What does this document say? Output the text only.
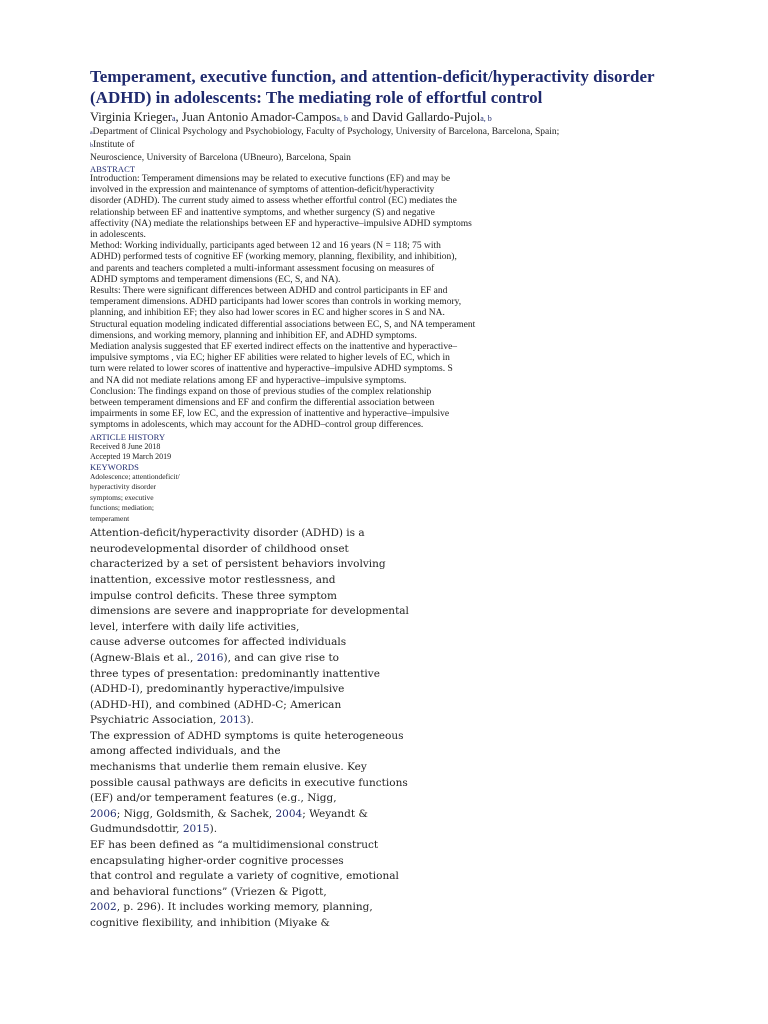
Temperament, executive function, and attention-deficit/hyperactivity disorder
(ADHD) in adolescents: The mediating role of effortful control
Virginia Kriegera, Juan Antonio Amador-Camposa, b and David Gallardo-Pujola, b
aDepartment of Clinical Psychology and Psychobiology, Faculty of Psychology, University of Barcelona, Barcelona, Spain;
bInstitute of
Neuroscience, University of Barcelona (UBneuro), Barcelona, Spain
ABSTRACT
Introduction: Temperament dimensions may be related to executive functions (EF) and may be
involved in the expression and maintenance of symptoms of attention-deficit/hyperactivity
disorder (ADHD). The current study aimed to assess whether effortful control (EC) mediates the
relationship between EF and inattentive symptoms, and whether surgency (S) and negative
affectivity (NA) mediate the relationships between EF and hyperactive–impulsive ADHD symptoms
in adolescents.
Method: Working individually, participants aged between 12 and 16 years (N = 118; 75 with
ADHD) performed tests of cognitive EF (working memory, planning, flexibility, and inhibition),
and parents and teachers completed a multi-informant assessment focusing on measures of
ADHD symptoms and temperament dimensions (EC, S, and NA).
Results: There were significant differences between ADHD and control participants in EF and
temperament dimensions. ADHD participants had lower scores than controls in working memory,
planning, and inhibition EF; they also had lower scores in EC and higher scores in S and NA.
Structural equation modeling indicated differential associations between EC, S, and NA temperament
dimensions, and working memory, planning and inhibition EF, and ADHD symptoms.
Mediation analysis suggested that EF exerted indirect effects on the inattentive and hyperactive–
impulsive symptoms , via EC; higher EF abilities were related to higher levels of EC, which in
turn were related to lower scores of inattentive and hyperactive–impulsive ADHD symptoms. S
and NA did not mediate relations among EF and hyperactive–impulsive symptoms.
Conclusion: The findings expand on those of previous studies of the complex relationship
between temperament dimensions and EF and confirm the differential association between
impairments in some EF, low EC, and the expression of inattentive and hyperactive–impulsive
symptoms in adolescents, which may account for the ADHD–control group differences.
ARTICLE HISTORY
Received 8 June 2018
Accepted 19 March 2019
KEYWORDS
Adolescence; attentiondeficit/
hyperactivity disorder
symptoms; executive
functions; mediation;
temperament
Attention-deficit/hyperactivity disorder (ADHD) is a
neurodevelopmental disorder of childhood onset
characterized by a set of persistent behaviors involving
inattention, excessive motor restlessness, and
impulse control deficits. These three symptom
dimensions are severe and inappropriate for developmental
level, interfere with daily life activities,
cause adverse outcomes for affected individuals
(Agnew-Blais et al., 2016), and can give rise to
three types of presentation: predominantly inattentive
(ADHD-I), predominantly hyperactive/impulsive
(ADHD-HI), and combined (ADHD-C; American
Psychiatric Association, 2013).
The expression of ADHD symptoms is quite heterogeneous
among affected individuals, and the
mechanisms that underlie them remain elusive. Key
possible causal pathways are deficits in executive functions
(EF) and/or temperament features (e.g., Nigg,
2006; Nigg, Goldsmith, & Sachek, 2004; Weyandt &
Gudmundsdottir, 2015).
EF has been defined as “a multidimensional construct
encapsulating higher-order cognitive processes
that control and regulate a variety of cognitive, emotional
and behavioral functions” (Vriezen & Pigott,
2002, p. 296). It includes working memory, planning,
cognitive flexibility, and inhibition (Miyake &
